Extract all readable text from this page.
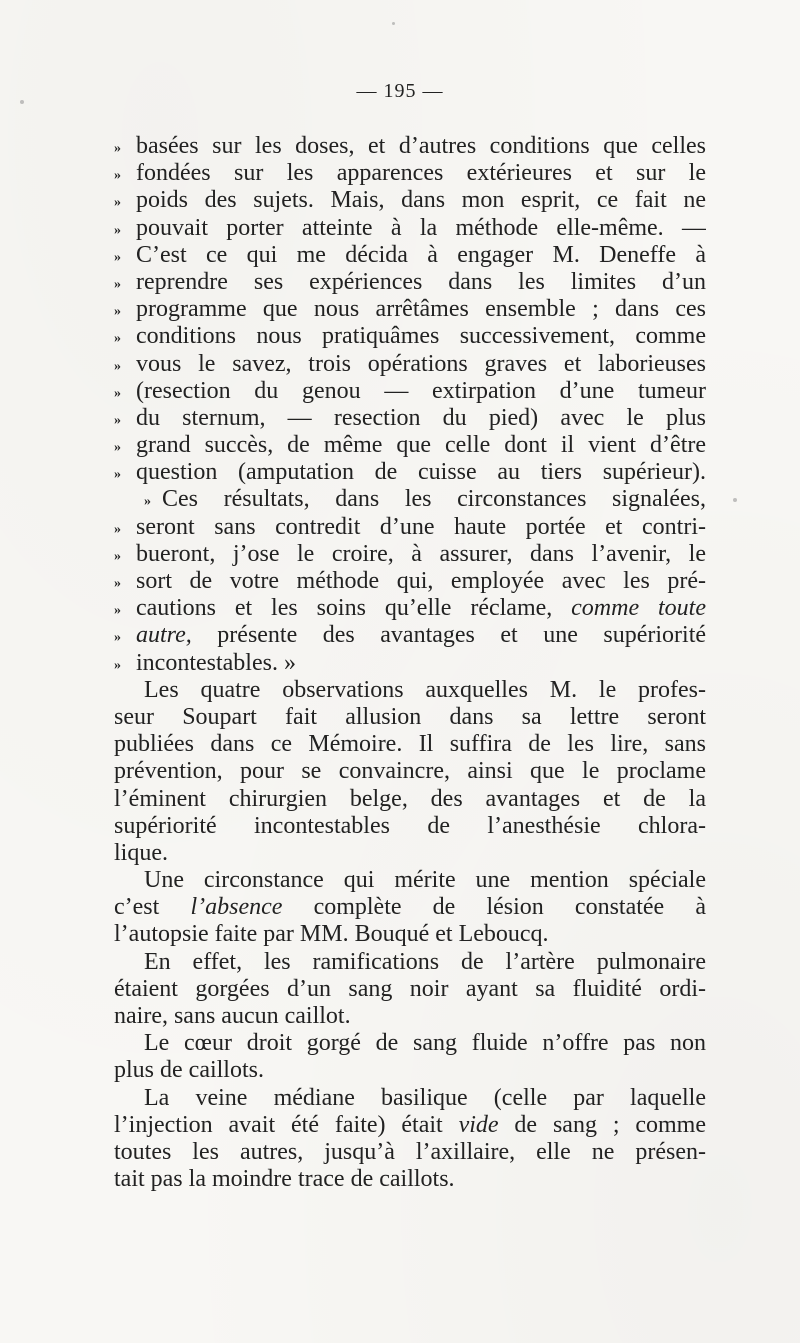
— 195 —
» basées sur les doses, et d’autres conditions que celles
» fondées sur les apparences extérieures et sur le
» poids des sujets. Mais, dans mon esprit, ce fait ne
» pouvait porter atteinte à la méthode elle-même. —
» C’est ce qui me décida à engager M. Deneffe à
» reprendre ses expériences dans les limites d’un
» programme que nous arrêtâmes ensemble ; dans ces
» conditions nous pratiquâmes successivement, comme
» vous le savez, trois opérations graves et laborieuses
» (resection du genou — extirpation d’une tumeur
» du sternum, — resection du pied) avec le plus
» grand succès, de même que celle dont il vient d’être
» question (amputation de cuisse au tiers supérieur).
» Ces résultats, dans les circonstances signalées,
» seront sans contredit d’une haute portée et contri-
» bueront, j’ose le croire, à assurer, dans l’avenir, le
» sort de votre méthode qui, employée avec les pré-
» cautions et les soins qu’elle réclame, comme toute
» autre, présente des avantages et une supériorité
» incontestables. »
Les quatre observations auxquelles M. le profes-
seur Soupart fait allusion dans sa lettre seront
publiées dans ce Mémoire. Il suffira de les lire, sans
prévention, pour se convaincre, ainsi que le proclame
l’éminent chirurgien belge, des avantages et de la
supériorité incontestables de l’anesthésie chlora-
lique.
Une circonstance qui mérite une mention spéciale
c’est l’absence complète de lésion constatée à
l’autopsie faite par MM. Bouqué et Leboucq.
En effet, les ramifications de l’artère pulmonaire
étaient gorgées d’un sang noir ayant sa fluidité ordi-
naire, sans aucun caillot.
Le cœur droit gorgé de sang fluide n’offre pas non
plus de caillots.
La veine médiane basilique (celle par laquelle
l’injection avait été faite) était vide de sang ; comme
toutes les autres, jusqu’à l’axillaire, elle ne présen-
tait pas la moindre trace de caillots.
